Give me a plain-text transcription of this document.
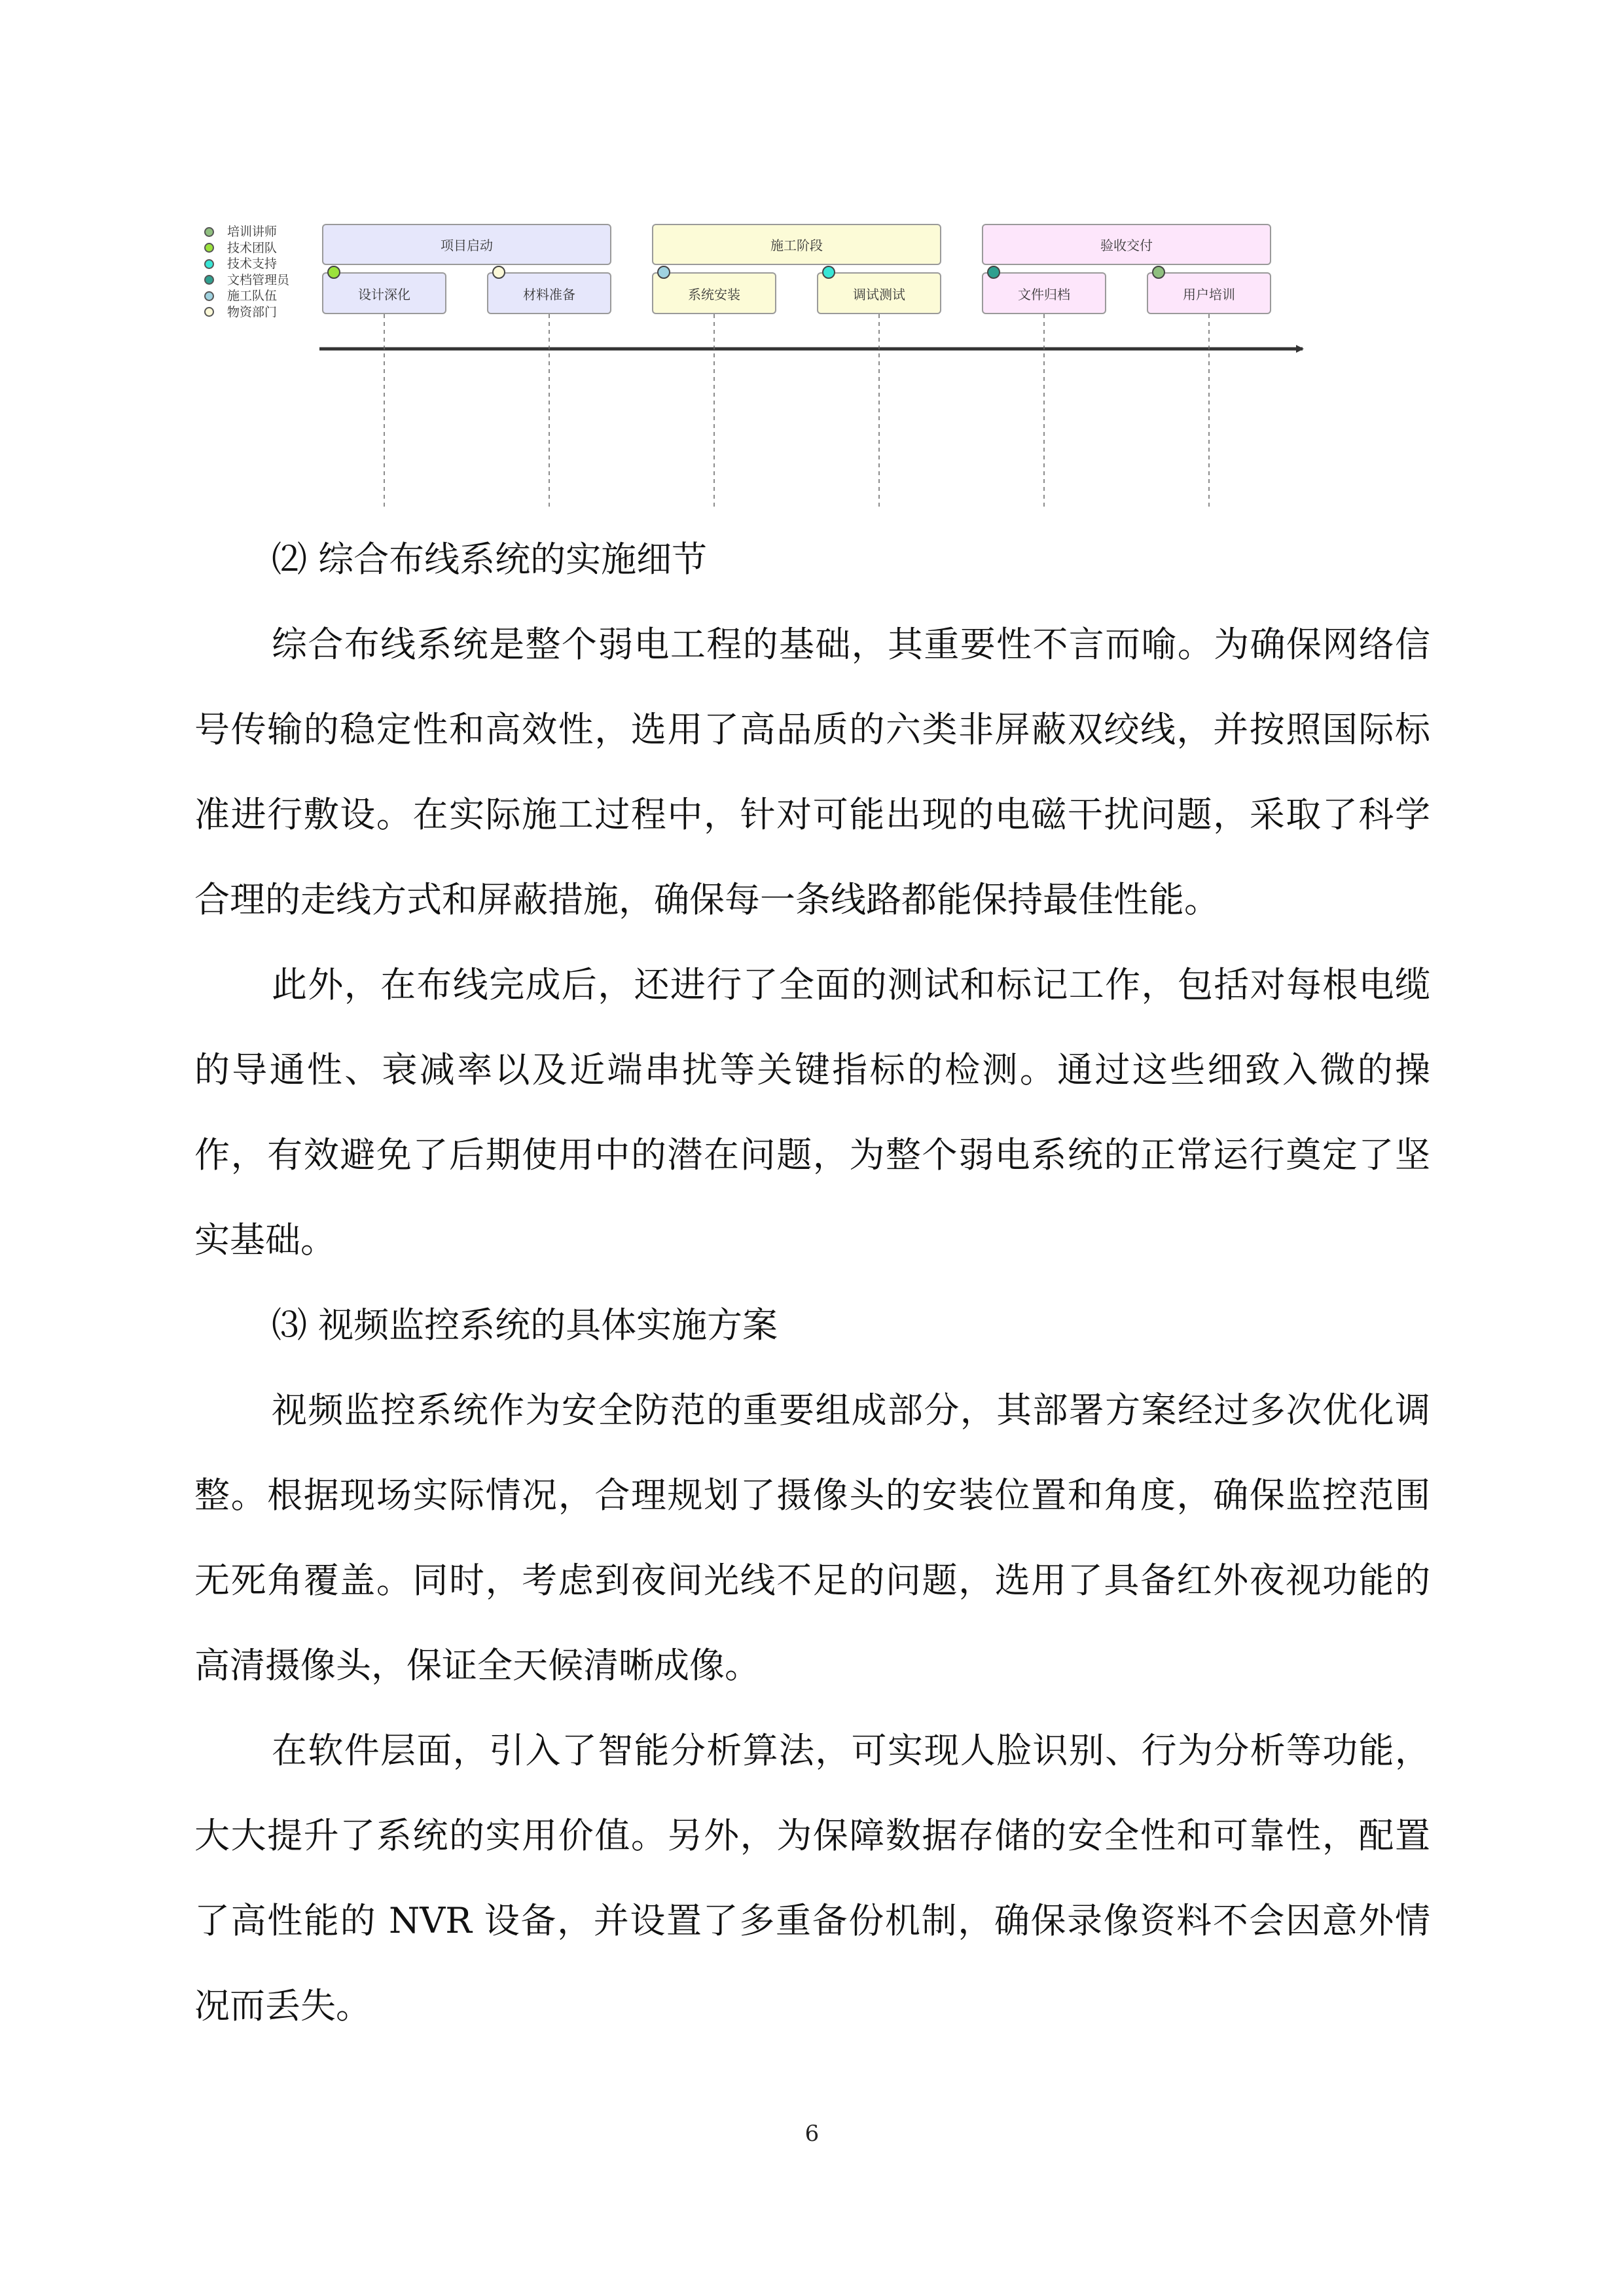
培训讲师
技术团队
技术支持
文档管理员
施工队伍
物资部门
项目启动	施工阶段	验收交付
设计深化	材料准备	系统安装	调试测试	文件归档	用户培训

⑵ 综合布线系统的实施细节

综合布线系统是整个弱电工程的基础，其重要性不言而喻。为确保网络信号传输的稳定性和高效性，选用了高品质的六类非屏蔽双绞线，并按照国际标准进行敷设。在实际施工过程中，针对可能出现的电磁干扰问题，采取了科学合理的走线方式和屏蔽措施，确保每一条线路都能保持最佳性能。

此外，在布线完成后，还进行了全面的测试和标记工作，包括对每根电缆的导通性、衰减率以及近端串扰等关键指标的检测。通过这些细致入微的操作，有效避免了后期使用中的潜在问题，为整个弱电系统的正常运行奠定了坚实基础。

⑶ 视频监控系统的具体实施方案

视频监控系统作为安全防范的重要组成部分，其部署方案经过多次优化调整。根据现场实际情况，合理规划了摄像头的安装位置和角度，确保监控范围无死角覆盖。同时，考虑到夜间光线不足的问题，选用了具备红外夜视功能的高清摄像头，保证全天候清晰成像。

在软件层面，引入了智能分析算法，可实现人脸识别、行为分析等功能，大大提升了系统的实用价值。另外，为保障数据存储的安全性和可靠性，配置了高性能的 NVR 设备，并设置了多重备份机制，确保录像资料不会因意外情况而丢失。

6
